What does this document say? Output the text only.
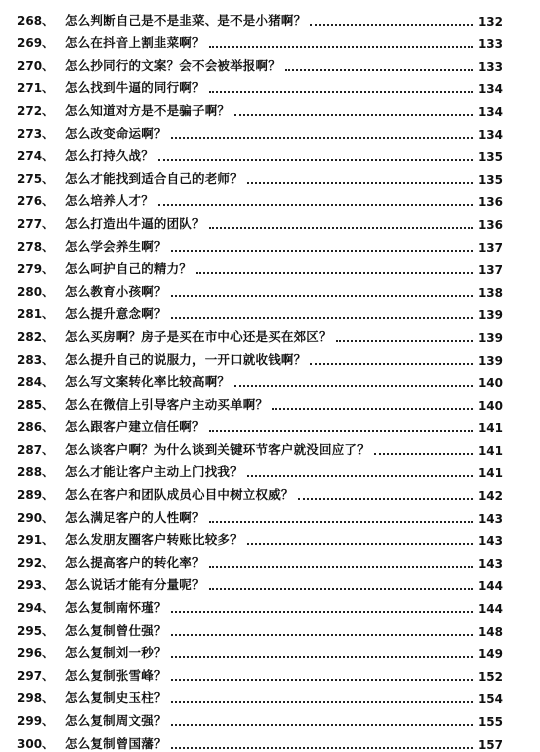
268、 怎么判断自己是不是韭菜、是不是小猪啊？	132
269、 怎么在抖音上割韭菜啊？	133
270、 怎么抄同行的文案？会不会被举报啊？	133
271、 怎么找到牛逼的同行啊？	134
272、 怎么知道对方是不是骗子啊？	134
273、 怎么改变命运啊？	134
274、 怎么打持久战？	135
275、 怎么才能找到适合自己的老师？	135
276、 怎么培养人才？	136
277、 怎么打造出牛逼的团队？	136
278、 怎么学会养生啊？	137
279、 怎么呵护自己的精力？	137
280、 怎么教育小孩啊？	138
281、 怎么提升意念啊？	139
282、 怎么买房啊？房子是买在市中心还是买在郊区？	139
283、 怎么提升自己的说服力，一开口就收钱啊？	139
284、 怎么写文案转化率比较高啊？	140
285、 怎么在微信上引导客户主动买单啊？	140
286、 怎么跟客户建立信任啊？	141
287、 怎么谈客户啊？为什么谈到关键环节客户就没回应了？	141
288、 怎么才能让客户主动上门找我？	141
289、 怎么在客户和团队成员心目中树立权威？	142
290、 怎么满足客户的人性啊？	143
291、 怎么发朋友圈客户转账比较多？	143
292、 怎么提高客户的转化率？	143
293、 怎么说话才能有分量呢？	144
294、 怎么复制南怀瑾？	144
295、 怎么复制曾仕强？	148
296、 怎么复制刘一秒？	149
297、 怎么复制张雪峰？	152
298、 怎么复制史玉柱？	154
299、 怎么复制周文强？	155
300、 怎么复制曾国藩？	157
